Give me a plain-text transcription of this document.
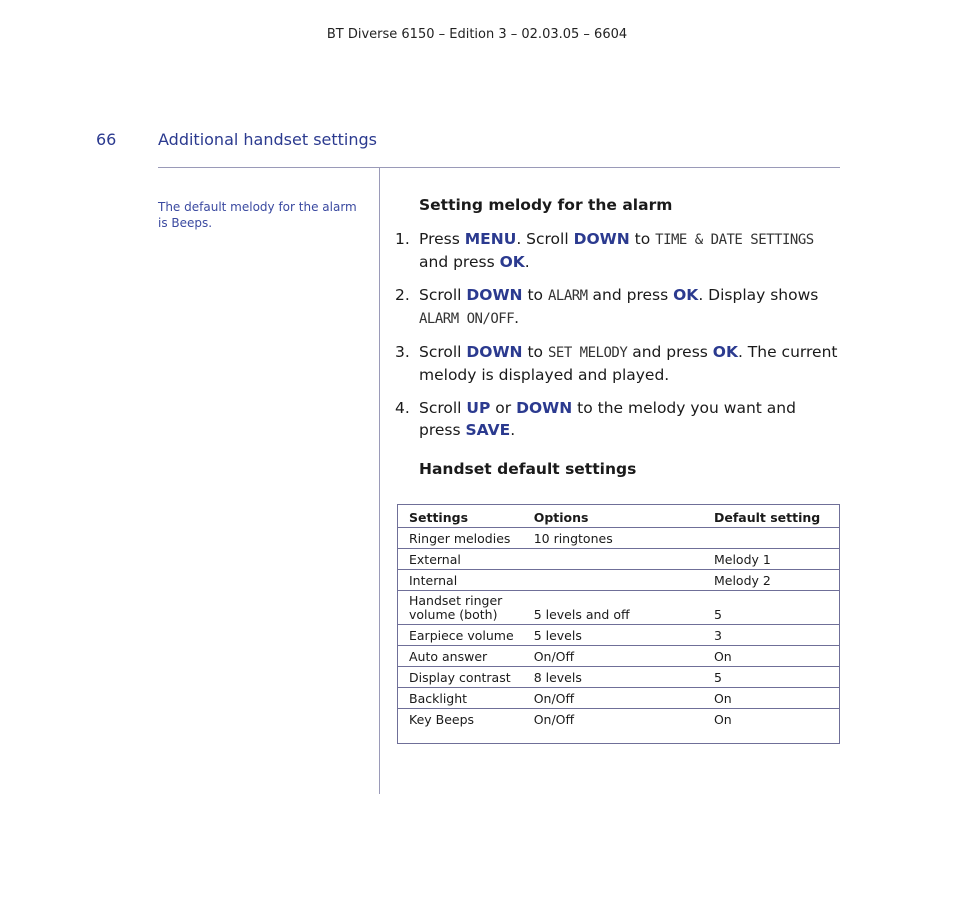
BT Diverse 6150 – Edition 3 – 02.03.05 – 6604
66	Additional handset settings
The default melody for the alarm is Beeps.
Setting melody for the alarm
1. Press MENU. Scroll DOWN to TIME & DATE SETTINGS and press OK.
2. Scroll DOWN to ALARM and press OK. Display shows ALARM ON/OFF.
3. Scroll DOWN to SET MELODY and press OK. The current melody is displayed and played.
4. Scroll UP or DOWN to the melody you want and press SAVE.
Handset default settings
Settings	Options	Default setting
Ringer melodies	10 ringtones	
External		Melody 1
Internal		Melody 2
Handset ringer volume (both)	5 levels and off	5
Earpiece volume	5 levels	3
Auto answer	On/Off	On
Display contrast	8 levels	5
Backlight	On/Off	On
Key Beeps	On/Off	On
